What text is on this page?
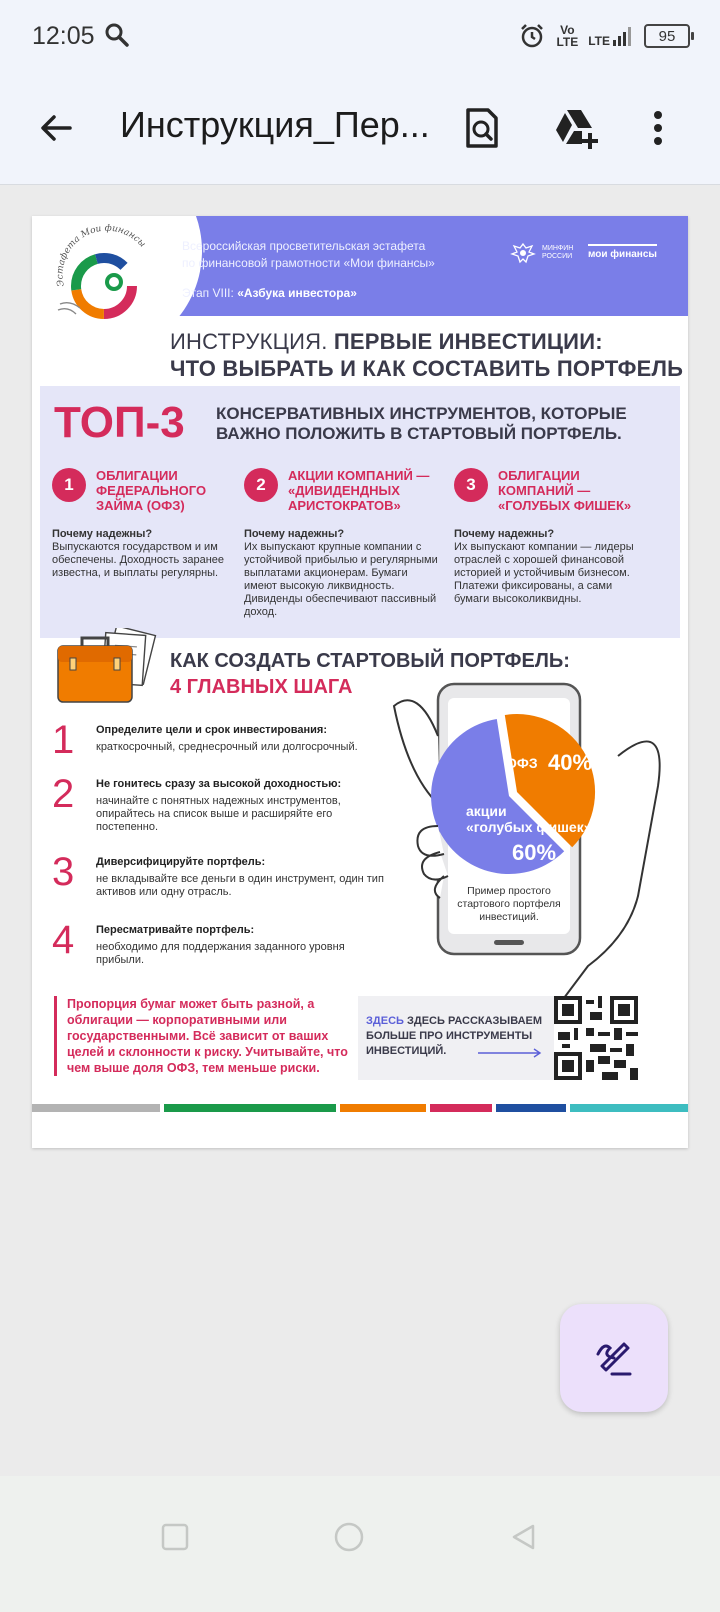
12:05	Vo
LTE LTE	95
Инструкция_Пер...
Эстафета Мои финансы	Всероссийская просветительская эстафета
по финансовой грамотности «Мои финансы»
Этап VIII: «Азбука инвестора»
МИНФИН
РОССИИ мои финансы
ИНСТРУКЦИЯ. ПЕРВЫЕ ИНВЕСТИЦИИ:
ЧТО ВЫБРАТЬ И КАК СОСТАВИТЬ ПОРТФЕЛЬ
ТОП-3 КОНСЕРВАТИВНЫХ ИНСТРУМЕНТОВ, КОТОРЫЕ
ВАЖНО ПОЛОЖИТЬ В СТАРТОВЫЙ ПОРТФЕЛЬ.
1	ОБЛИГАЦИИ ФЕДЕРАЛЬНОГО ЗАЙМА (ОФЗ)
Почему надежны?
Выпускаются государством и им обеспечены. Доходность заранее известна, и выплаты регулярны.
2	АКЦИИ КОМПАНИЙ — «ДИВИДЕНДНЫХ АРИСТОКРАТОВ»
Почему надежны?
Их выпускают крупные компании с устойчивой прибылью и регулярными выплатами акционерам. Бумаги имеют высокую ликвидность. Дивиденды обеспечивают пассивный доход.
3	ОБЛИГАЦИИ КОМПАНИЙ — «ГОЛУБЫХ ФИШЕК»
Почему надежны?
Их выпускают компании — лидеры отраслей с хорошей финансовой историей и устойчивым бизнесом. Платежи фиксированы, а сами бумаги высоколиквидны.
КАК СОЗДАТЬ СТАРТОВЫЙ ПОРТФЕЛЬ:
4 ГЛАВНЫХ ШАГА
1 Определите цели и срок инвестирования:
краткосрочный, среднесрочный или долгосрочный.
2 Не гонитесь сразу за высокой доходностью:
начинайте с понятных надежных инструментов, опирайтесь на список выше и расширяйте его постепенно.
3 Диверсифицируйте портфель:
не вкладывайте все деньги в один инструмент, один тип активов или одну отрасль.
4 Пересматривайте портфель:
необходимо для поддержания заданного уровня прибыли.
ОФЗ 40%
акции
«голубых фишек»
60%
Пример простого
стартового портфеля
инвестиций.
Пропорция бумаг может быть разной, а облигации — корпоративными или государственными. Всё зависит от ваших целей и склонности к риску. Учитывайте, что чем выше доля ОФЗ, тем меньше риски.
ЗДЕСЬ ЗДЕСЬ РАССКАЗЫВАЕМ БОЛЬШЕ ПРО ИНСТРУМЕНТЫ ИНВЕСТИЦИЙ.
